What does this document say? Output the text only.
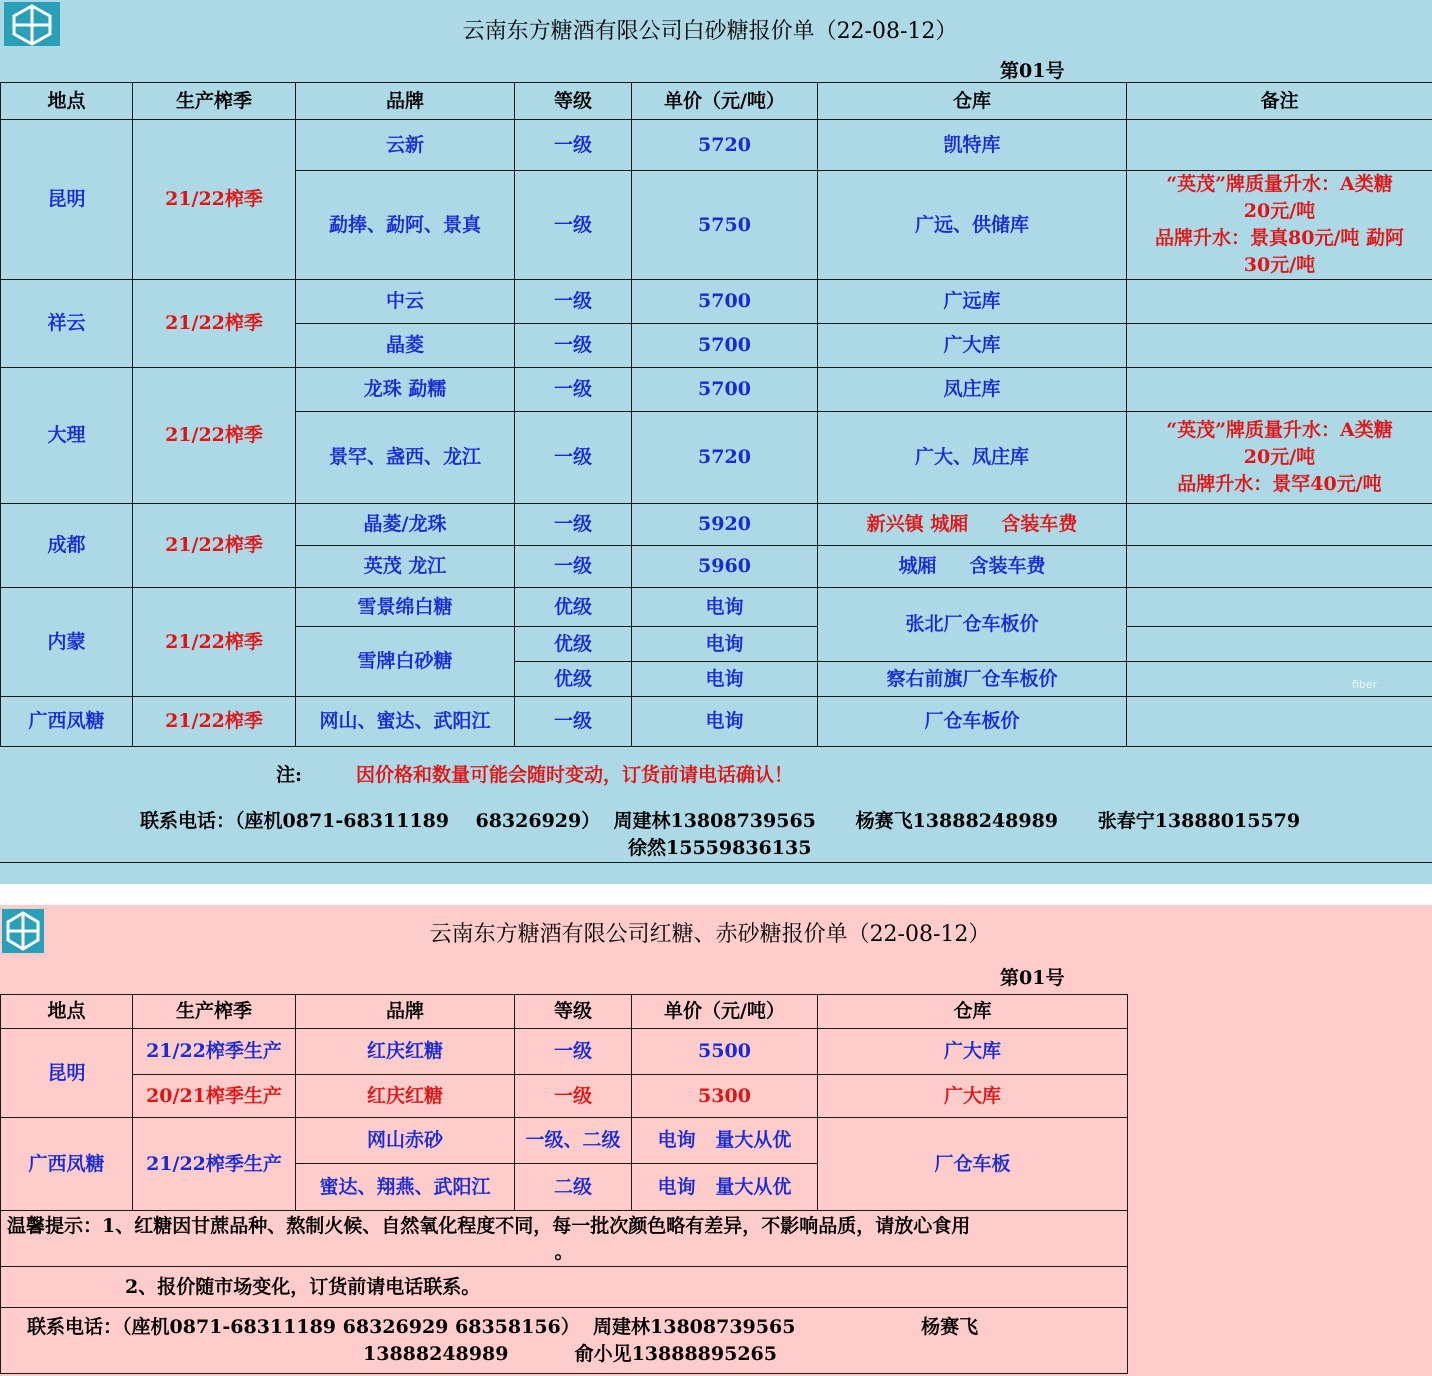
云南东方糖酒有限公司白砂糖报价单（22-08-12）
第01号
地点	生产榨季	品牌	等级	单价（元/吨）	仓库	备注
昆明	21/22榨季	云新	一级	5720	凯特库	
		勐捧、勐阿、景真	一级	5750	广远、供储库	“英茂”牌质量升水：A类糖
20元/吨
品牌升水：景真80元/吨 勐阿
30元/吨

祥云	21/22榨季	中云	一级	5700	广远库	
		晶菱	一级	5700	广大库	
大理	21/22榨季	龙珠 勐糯	一级	5700	凤庄库	
		景罕、盏西、龙江	一级	5720	广大、凤庄库	“英茂”牌质量升水：A类糖
20元/吨
品牌升水：景罕40元/吨

成都	21/22榨季	晶菱/龙珠	一级	5920	新兴镇 城厢     含装车费	
		英茂 龙江	一级	5960	城厢     含装车费	
内蒙	21/22榨季	雪景绵白糖	优级	电询	张北厂仓车板价	
		雪牌白砂糖	优级	电询		
			优级	电询	察右前旗厂仓车板价	
广西凤糖	21/22榨季	网山、蜜达、武阳江	一级	电询	厂仓车板价	
注:	因价格和数量可能会随时变动，订货前请电话确认！
联系电话：（座机0871-68311189    68326929）  周建林13808739565      杨赛飞13888248989      张春宁13888015579
徐然15559836135
fiber
云南东方糖酒有限公司红糖、赤砂糖报价单（22-08-12）
第01号
地点	生产榨季	品牌	等级	单价（元/吨）	仓库
昆明	21/22榨季生产	红庆红糖	一级	5500	广大库
	20/21榨季生产	红庆红糖	一级	5300	广大库
广西凤糖	21/22榨季生产	网山赤砂	一级、二级	电询   量大从优	厂仓车板
		蜜达、翔燕、武阳江	二级	电询   量大从优	

温馨提示：1、红糖因甘蔗品种、熬制火候、自然氧化程度不同，每一批次颜色略有差异，不影响品质，请放心食用
。					

2、报价随市场变化，订货前请电话联系。					

联系电话：（座机0871-68311189 68326929 68358156）  周建林13808739565                   杨赛飞
13888248989          俞小见13888895265					
